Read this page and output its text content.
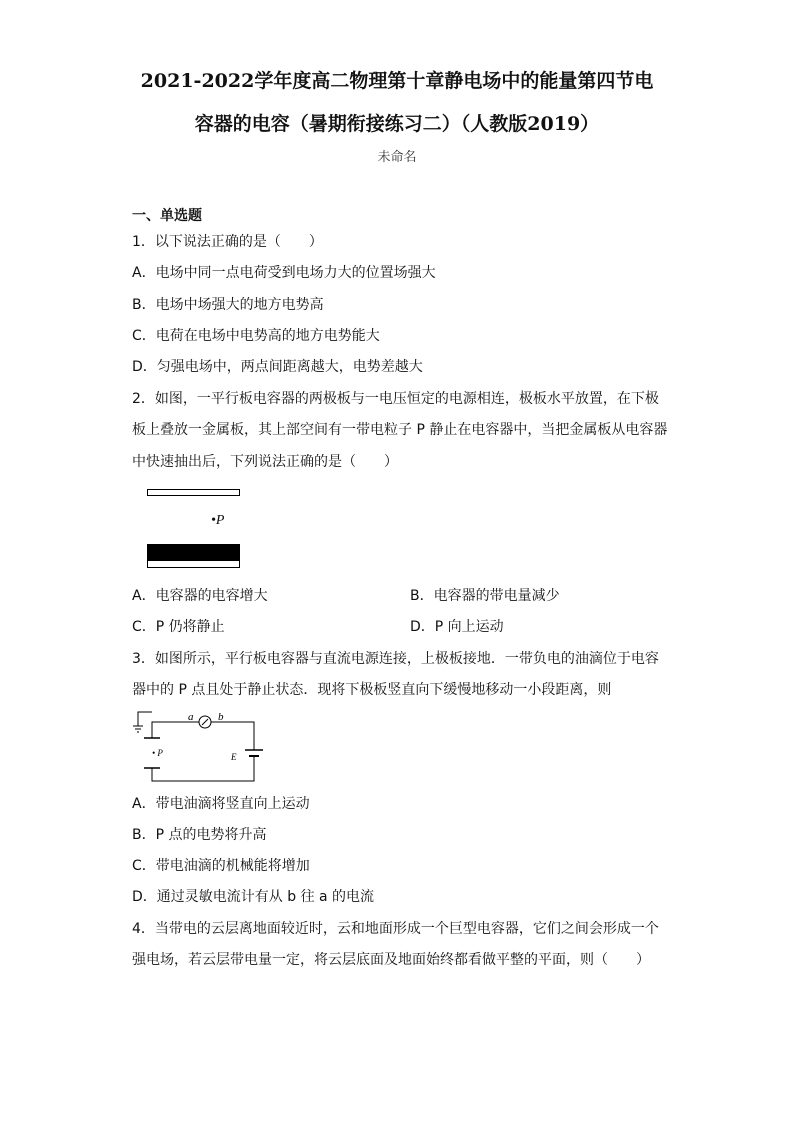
2021-2022学年度高二物理第十章静电场中的能量第四节电
容器的电容（暑期衔接练习二）（人教版2019）
未命名
一、单选题
1．以下说法正确的是（　　）
A．电场中同一点电荷受到电场力大的位置场强大
B．电场中场强大的地方电势高
C．电荷在电场中电势高的地方电势能大
D．匀强电场中，两点间距离越大，电势差越大
2．如图，一平行板电容器的两极板与一电压恒定的电源相连，极板水平放置，在下极
板上叠放一金属板，其上部空间有一带电粒子 P 静止在电容器中，当把金属板从电容器
中快速抽出后，下列说法正确的是（　　）
•P
A．电容器的电容增大	B．电容器的带电量减少
C．P 仍将静止	D．P 向上运动
3．如图所示，平行板电容器与直流电源连接，上极板接地．一带负电的油滴位于电容
器中的 P 点且处于静止状态．现将下极板竖直向下缓慢地移动一小段距离，则
a b
• P	E
A．带电油滴将竖直向上运动
B．P 点的电势将升高
C．带电油滴的机械能将增加
D．通过灵敏电流计有从 b 往 a 的电流
4．当带电的云层离地面较近时，云和地面形成一个巨型电容器，它们之间会形成一个
强电场，若云层带电量一定，将云层底面及地面始终都看做平整的平面，则（　　）
